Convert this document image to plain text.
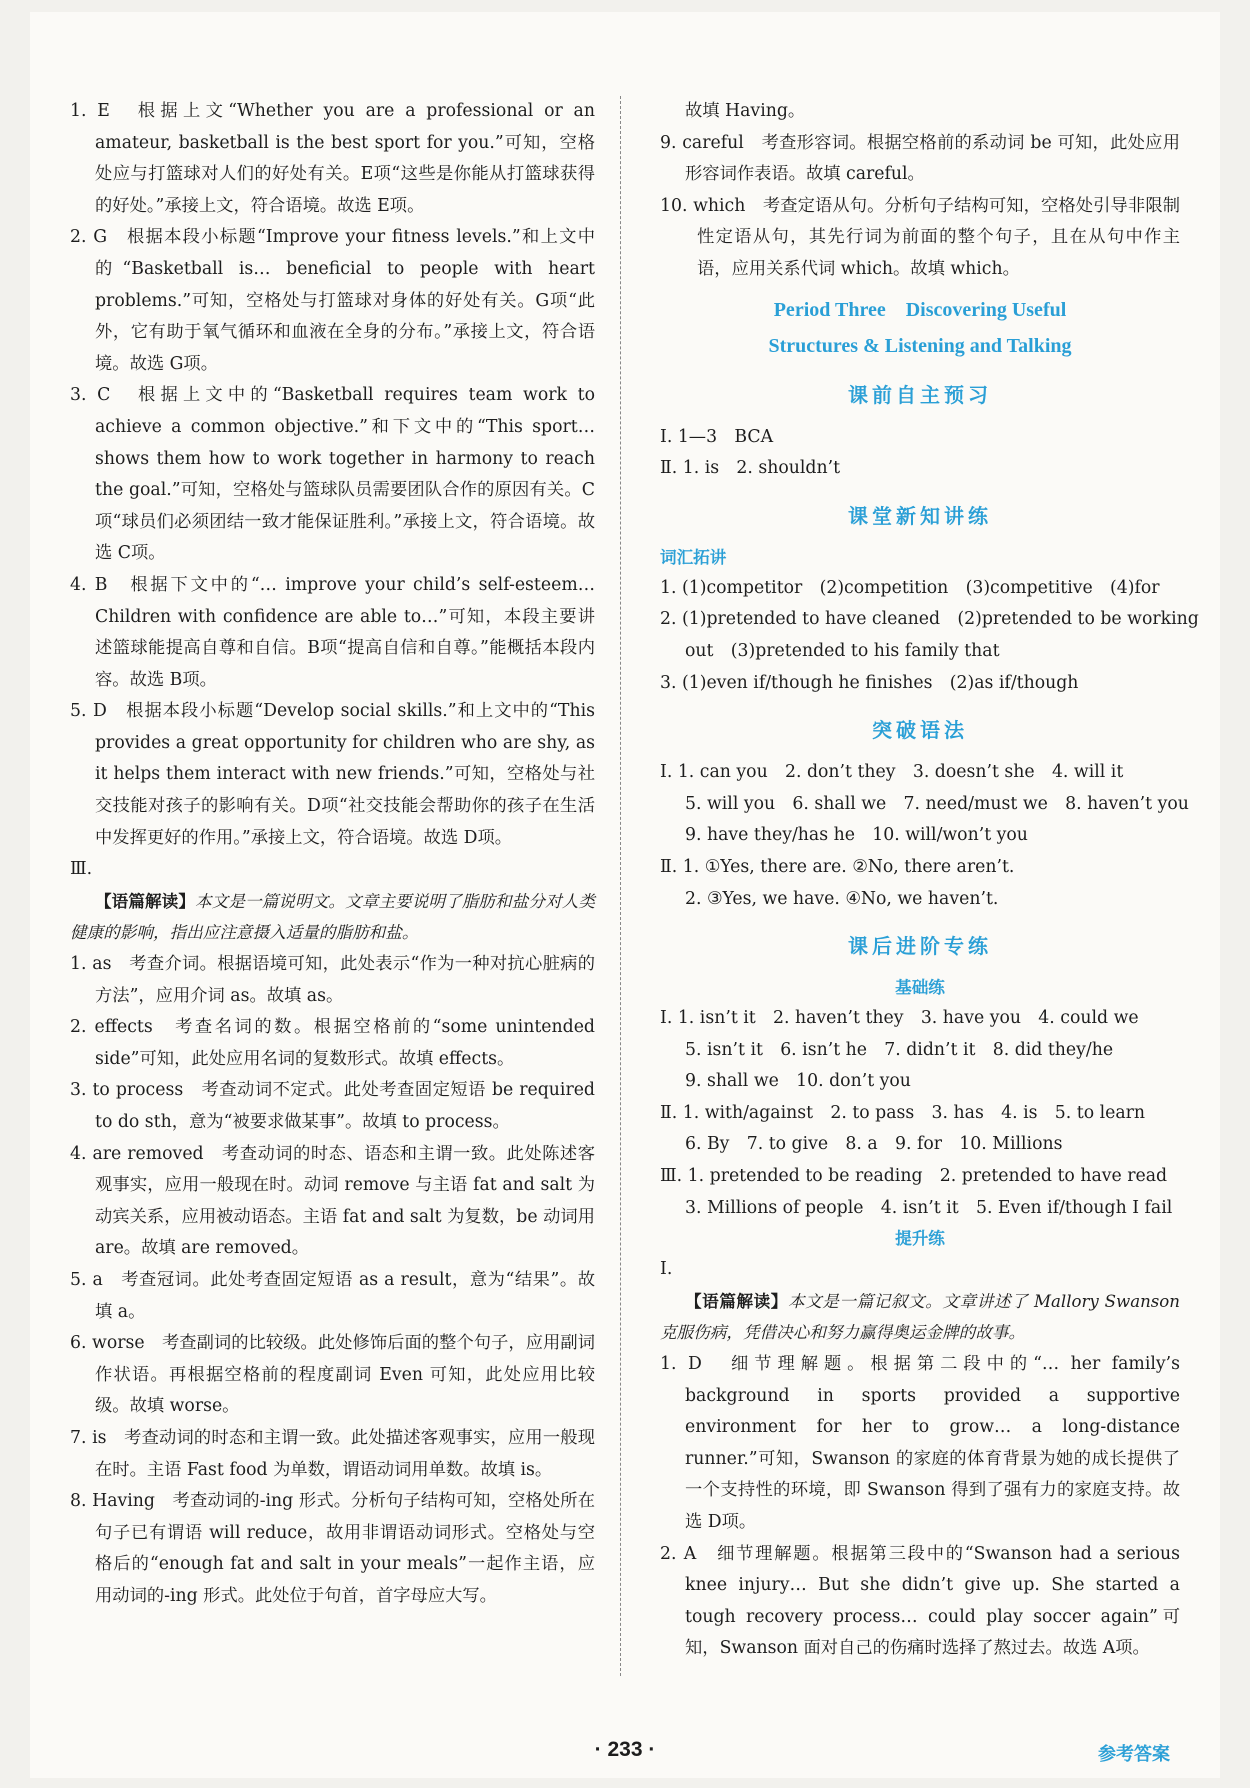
1. E　根据上文“Whether you are a professional or an amateur, basketball is the best sport for you.”可知，空格处应与打篮球对人们的好处有关。E项“这些是你能从打篮球获得的好处。”承接上文，符合语境。故选 E项。

2. G　根据本段小标题“Improve your fitness levels.”和上文中的“Basketball is… beneficial to people with heart problems.”可知，空格处与打篮球对身体的好处有关。G项“此外，它有助于氧气循环和血液在全身的分布。”承接上文，符合语境。故选 G项。

3. C　根据上文中的“Basketball requires team work to achieve a common objective.”和下文中的“This sport… shows them how to work together in harmony to reach the goal.”可知，空格处与篮球队员需要团队合作的原因有关。C项“球员们必须团结一致才能保证胜利。”承接上文，符合语境。故选 C项。

4. B　根据下文中的“… improve your child’s self-esteem… Children with confidence are able to…”可知，本段主要讲述篮球能提高自尊和自信。B项“提高自信和自尊。”能概括本段内容。故选 B项。

5. D　根据本段小标题“Develop social skills.”和上文中的“This provides a great opportunity for children who are shy, as it helps them interact with new friends.”可知，空格处与社交技能对孩子的影响有关。D项“社交技能会帮助你的孩子在生活中发挥更好的作用。”承接上文，符合语境。故选 D项。

Ⅲ.

【语篇解读】本文是一篇说明文。文章主要说明了脂肪和盐分对人类健康的影响，指出应注意摄入适量的脂肪和盐。

1. as　考查介词。根据语境可知，此处表示“作为一种对抗心脏病的方法”，应用介词 as。故填 as。

2. effects　考查名词的数。根据空格前的“some unintended side”可知，此处应用名词的复数形式。故填 effects。

3. to process　考查动词不定式。此处考查固定短语 be required to do sth，意为“被要求做某事”。故填 to process。

4. are removed　考查动词的时态、语态和主谓一致。此处陈述客观事实，应用一般现在时。动词 remove 与主语 fat and salt 为动宾关系，应用被动语态。主语 fat and salt 为复数，be 动词用 are。故填 are removed。

5. a　考查冠词。此处考查固定短语 as a result，意为“结果”。故填 a。

6. worse　考查副词的比较级。此处修饰后面的整个句子，应用副词作状语。再根据空格前的程度副词 Even 可知，此处应用比较级。故填 worse。

7. is　考查动词的时态和主谓一致。此处描述客观事实，应用一般现在时。主语 Fast food 为单数，谓语动词用单数。故填 is。

8. Having　考查动词的-ing 形式。分析句子结构可知，空格处所在句子已有谓语 will reduce，故用非谓语动词形式。空格处与空格后的“enough fat and salt in your meals”一起作主语，应用动词的-ing 形式。此处位于句首，首字母应大写。

故填 Having。

9. careful　考查形容词。根据空格前的系动词 be 可知，此处应用形容词作表语。故填 careful。

10. which　考查定语从句。分析句子结构可知，空格处引导非限制性定语从句，其先行词为前面的整个句子，且在从句中作主语，应用关系代词 which。故填 which。

Period Three　Discovering Useful
Structures & Listening and Talking
课前自主预习

Ⅰ. 1—3　BCA

Ⅱ. 1. is　2. shouldn’t

课堂新知讲练
词汇拓讲

1. (1)competitor　(2)competition　(3)competitive　(4)for

2. (1)pretended to have cleaned　(2)pretended to be working

out　(3)pretended to his family that

3. (1)even if/though he finishes　(2)as if/though

突破语法

Ⅰ. 1. can you　2. don’t they　3. doesn’t she　4. will it

5. will you　6. shall we　7. need/must we　8. haven’t you

9. have they/has he　10. will/won’t you

Ⅱ. 1. ①Yes, there are. ②No, there aren’t.

2. ③Yes, we have. ④No, we haven’t.

课后进阶专练
基础练

Ⅰ. 1. isn’t it　2. haven’t they　3. have you　4. could we

5. isn’t it　6. isn’t he　7. didn’t it　8. did they/he

9. shall we　10. don’t you

Ⅱ. 1. with/against　2. to pass　3. has　4. is　5. to learn

6. By　7. to give　8. a　9. for　10. Millions

Ⅲ. 1. pretended to be reading　2. pretended to have read

3. Millions of people　4. isn’t it　5. Even if/though I fail

提升练

Ⅰ.

【语篇解读】本文是一篇记叙文。文章讲述了 Mallory Swanson 克服伤病，凭借决心和努力赢得奥运金牌的故事。

1. D　细节理解题。根据第二段中的“… her family’s background in sports provided a supportive environment for her to grow… a long-distance runner.”可知，Swanson 的家庭的体育背景为她的成长提供了一个支持性的环境，即 Swanson 得到了强有力的家庭支持。故选 D项。

2. A　细节理解题。根据第三段中的“Swanson had a serious knee injury… But she didn’t give up. She started a tough recovery process… could play soccer again”可知，Swanson 面对自己的伤痛时选择了熬过去。故选 A项。

· 233 ·	参考答案
